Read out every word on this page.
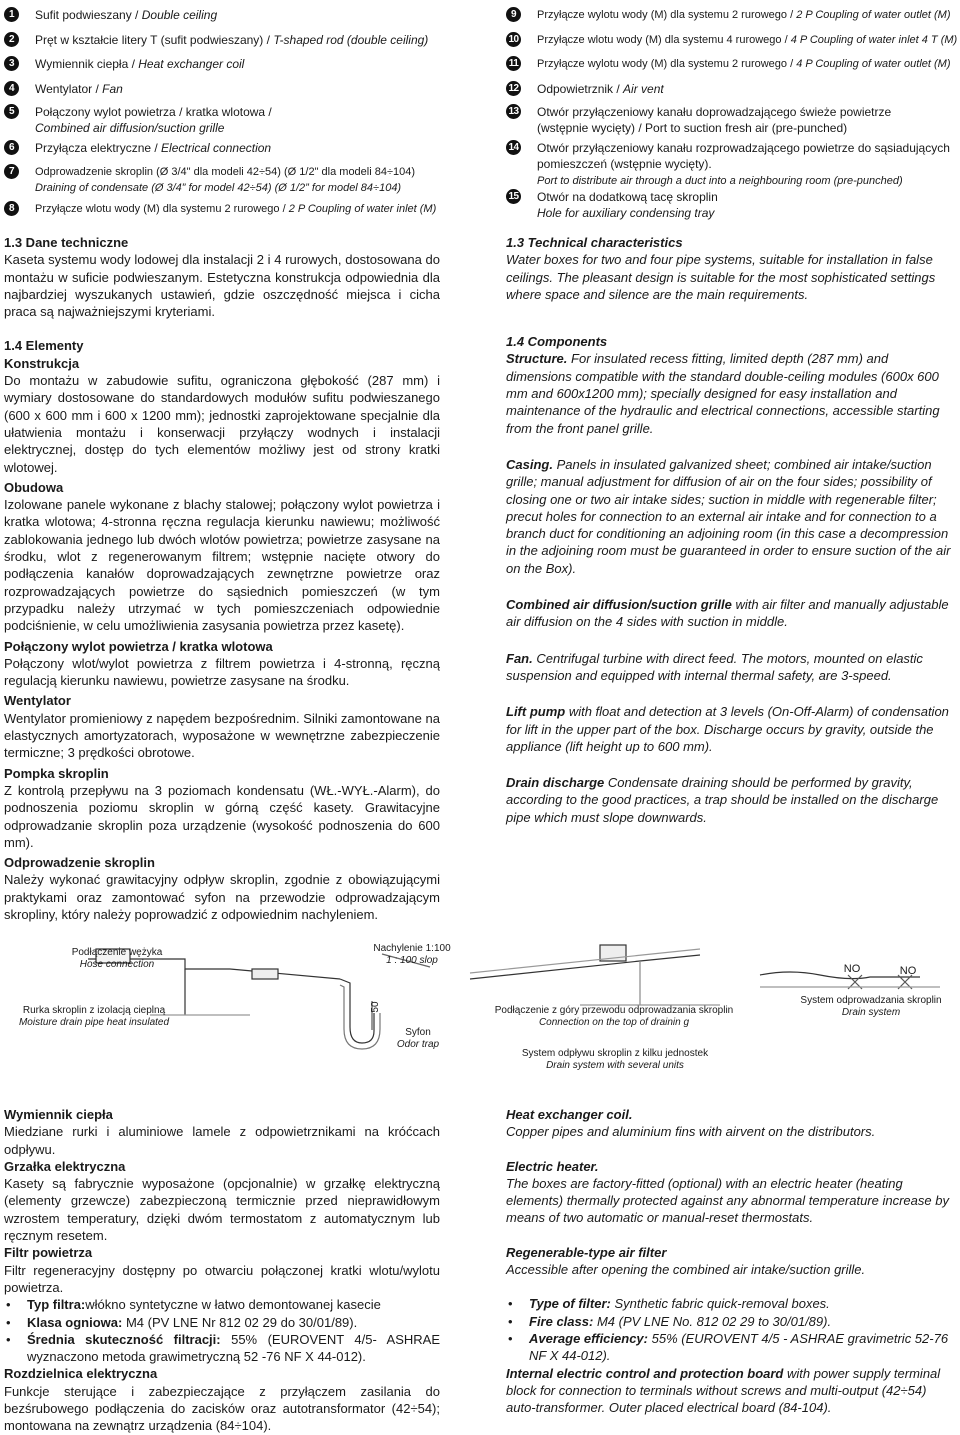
1	Sufit podwieszany / Double ceiling
2	Pręt w kształcie litery T (sufit podwieszany) / T-shaped rod (double ceiling)
3	Wymiennik ciepła / Heat exchanger coil
4	Wentylator / Fan
5	Połączony wylot powietrza / kratka wlotowa /
Combined air diffusion/suction grille
6	Przyłącza elektryczne / Electrical connection
7	Odprowadzenie skroplin (Ø 3/4" dla modeli 42÷54) (Ø 1/2" dla modeli 84÷104)
Draining of condensate (Ø 3/4” for model 42÷54) (Ø 1/2” for model 84÷104)
8	Przyłącze wlotu wody (M) dla systemu 2 rurowego / 2 P Coupling of water inlet (M)
9	Przyłącze wylotu wody (M) dla systemu 2 rurowego / 2 P Coupling of water outlet (M)
10 Przyłącze wlotu wody (M) dla systemu 4 rurowego / 4 P Coupling of water inlet 4 T (M)
11 Przyłącze wylotu wody (M) dla systemu 2 rurowego / 4 P Coupling of water outlet (M)
12 Odpowietrznik / Air vent
13 Otwór przyłączeniowy kanału doprowadzającego świeże powietrze
(wstępnie wycięty) / Port to suction fresh air (pre-punched)
14 Otwór przyłączeniowy kanału rozprowadzającego powietrze do sąsiadujących pomieszczeń (wstępnie wycięty).
Port to distribute air through a duct into a neighbouring room (pre-punched)
15 Otwór na dodatkową tacę skroplin
Hole for auxiliary condensing tray

1.3 Dane techniczne

Kaseta systemu wody lodowej dla instalacji 2 i 4 rurowych, dostosowana do montażu w suficie podwieszanym. Estetyczna konstrukcja odpowiednia dla najbardziej wyszukanych ustawień, gdzie oszczędność miejsca i cicha praca są najważniejszymi kryteriami.

1.4 Elementy

Konstrukcja

Do montażu w zabudowie sufitu, ograniczona głębokość (287 mm) i wymiary dostosowane do standardowych modułów sufitu podwieszanego (600 x 600 mm i 600 x 1200 mm); jednostki zaprojektowane specjalnie dla ułatwienia montażu i konserwacji przyłączy wodnych i instalacji elektrycznej, dostęp do tych elementów możliwy jest od strony kratki wlotowej.

Obudowa

Izolowane panele wykonane z blachy stalowej; połączony wylot powietrza i kratka wlotowa; 4-stronna ręczna regulacja kierunku nawiewu; możliwość zablokowania jednego lub dwóch wlotów powietrza; powietrze zasysane na środku, wlot z regenerowanym filtrem; wstępnie nacięte otwory do podłączenia kanałów doprowadzających zewnętrzne powietrze oraz rozprowadzających powietrze do sąsiednich pomieszczeń (w tym przypadku należy utrzymać w tych pomieszczeniach odpowiednie podciśnienie, w celu umożliwienia zasysania powietrza przez kasetę).

Połączony wylot powietrza / kratka wlotowa

Połączony wlot/wylot powietrza z filtrem powietrza i 4-stronną, ręczną regulacją kierunku nawiewu, powietrze zasysane na środku.

Wentylator

Wentylator promieniowy z napędem bezpośrednim. Silniki zamontowane na elastycznych amortyzatorach, wyposażone w wewnętrzne zabezpieczenie termiczne; 3 prędkości obrotowe.

Pompka skroplin

Z kontrolą przepływu na 3 poziomach kondensatu (WŁ.-WYŁ.-Alarm), do podnoszenia poziomu skroplin w górną część kasety. Grawitacyjne odprowadzanie skroplin poza urządzenie (wysokość podnoszenia do 600 mm).

Odprowadzenie skroplin

Należy wykonać grawitacyjny odpływ skroplin, zgodnie z obowiązującymi praktykami oraz zamontować syfon na przewodzie odprowadzającym skropliny, który należy poprowadzić z odpowiednim nachyleniem.

1.3 Technical characteristics

Water boxes for two and four pipe systems, suitable for installation in false ceilings. The pleasant design is suitable for the most sophisticated settings where space and silence are the main requirements.

1.4 Components

Structure. For insulated recess fitting, limited depth (287 mm) and dimensions compatible with the standard double-ceiling modules (600x 600 mm and 600x1200 mm); specially designed for easy installation and maintenance of the hydraulic and electrical connections, accessible starting from the front panel grille.

Casing. Panels in insulated galvanized sheet; combined air intake/suction grille; manual adjustment for diffusion of air on the four sides; possibility of closing one or two air intake sides; suction in middle with regenerable filter; precut holes for connection to an external air intake and for connection to a branch duct for conditioning an adjoining room (in this case a decompression in the adjoining room must be guaranteed in order to ensure suction of the air on the Box).

Combined air diffusion/suction grille with air filter and manually adjustable air diffusion on the 4 sides with suction in middle.

Fan. Centrifugal turbine with direct feed. The motors, mounted on elastic suspension and equipped with internal thermal safety, are 3-speed.

Lift pump with float and detection at 3 levels (On-Off-Alarm) of condensation for lift in the upper part of the box. Discharge occurs by gravity, outside the appliance (lift height up to 600 mm).

Drain discharge Condensate draining should be performed by gravity, according to the good practices, a trap should be installed on the discharge pipe which must slope downwards.

Podłączenie wężyka
Hose connection
Nachylenie 1:100
1 : 100 slop
Rurka skroplin z izolacją cieplną
Moisture drain pipe heat insulated
50
Syfon
Odor trap
Podłączenie z góry przewodu odprowadzania skroplin
Connection on the top of drainin g
NO	NO
System odprowadzania skroplin
Drain system
System odpływu skroplin z kilku jednostek
Drain system with several units

Wymiennik ciepła

Miedziane rurki i aluminiowe lamele z odpowietrznikami na króćcach odpływu.

Grzałka elektryczna

Kasety są fabrycznie wyposażone (opcjonalnie) w grzałkę elektryczną (elementy grzewcze) zabezpieczoną termicznie przed nieprawidłowym wzrostem temperatury, dzięki dwóm termostatom z automatycznym lub ręcznym resetem.

Filtr powietrza

Filtr regeneracyjny dostępny po otwarciu połączonej kratki wlotu/wylotu powietrza.

• Typ filtra:włókno syntetyczne w łatwo demontowanej kasecie
• Klasa ogniowa: M4 (PV LNE Nr 812 02 29 do 30/01/89).
• Średnia skuteczność filtracji: 55% (EUROVENT 4/5- ASHRAE wyznaczono metoda grawimetryczną 52 -76 NF X 44-012).

Rozdzielnica elektryczna

Funkcje sterujące i zabezpieczające z przyłączem zasilania do bezśrubowego podłączenia do zacisków oraz autotransformator (42÷54); montowana na zewnątrz urządzenia (84÷104).

Heat exchanger coil.

Copper pipes and aluminium fins with airvent on the distributors.

Electric heater.

The boxes are factory-fitted (optional) with an electric heater (heating elements) thermally protected against any abnormal temperature increase by means of two automatic or manual-reset thermostats.

Regenerable-type air filter

Accessible after opening the combined air intake/suction grille.

• Type of filter: Synthetic fabric quick-removal boxes.
• Fire class: M4 (PV LNE No. 812 02 29 to 30/01/89).
• Average efficiency: 55% (EUROVENT 4/5 - ASHRAE gravimetric 52-76 NF X 44-012).

Internal electric control and protection board with power supply terminal block for connection to terminals without screws and multi-output (42÷54) auto-transformer. Outer placed electrical board (84-104).
